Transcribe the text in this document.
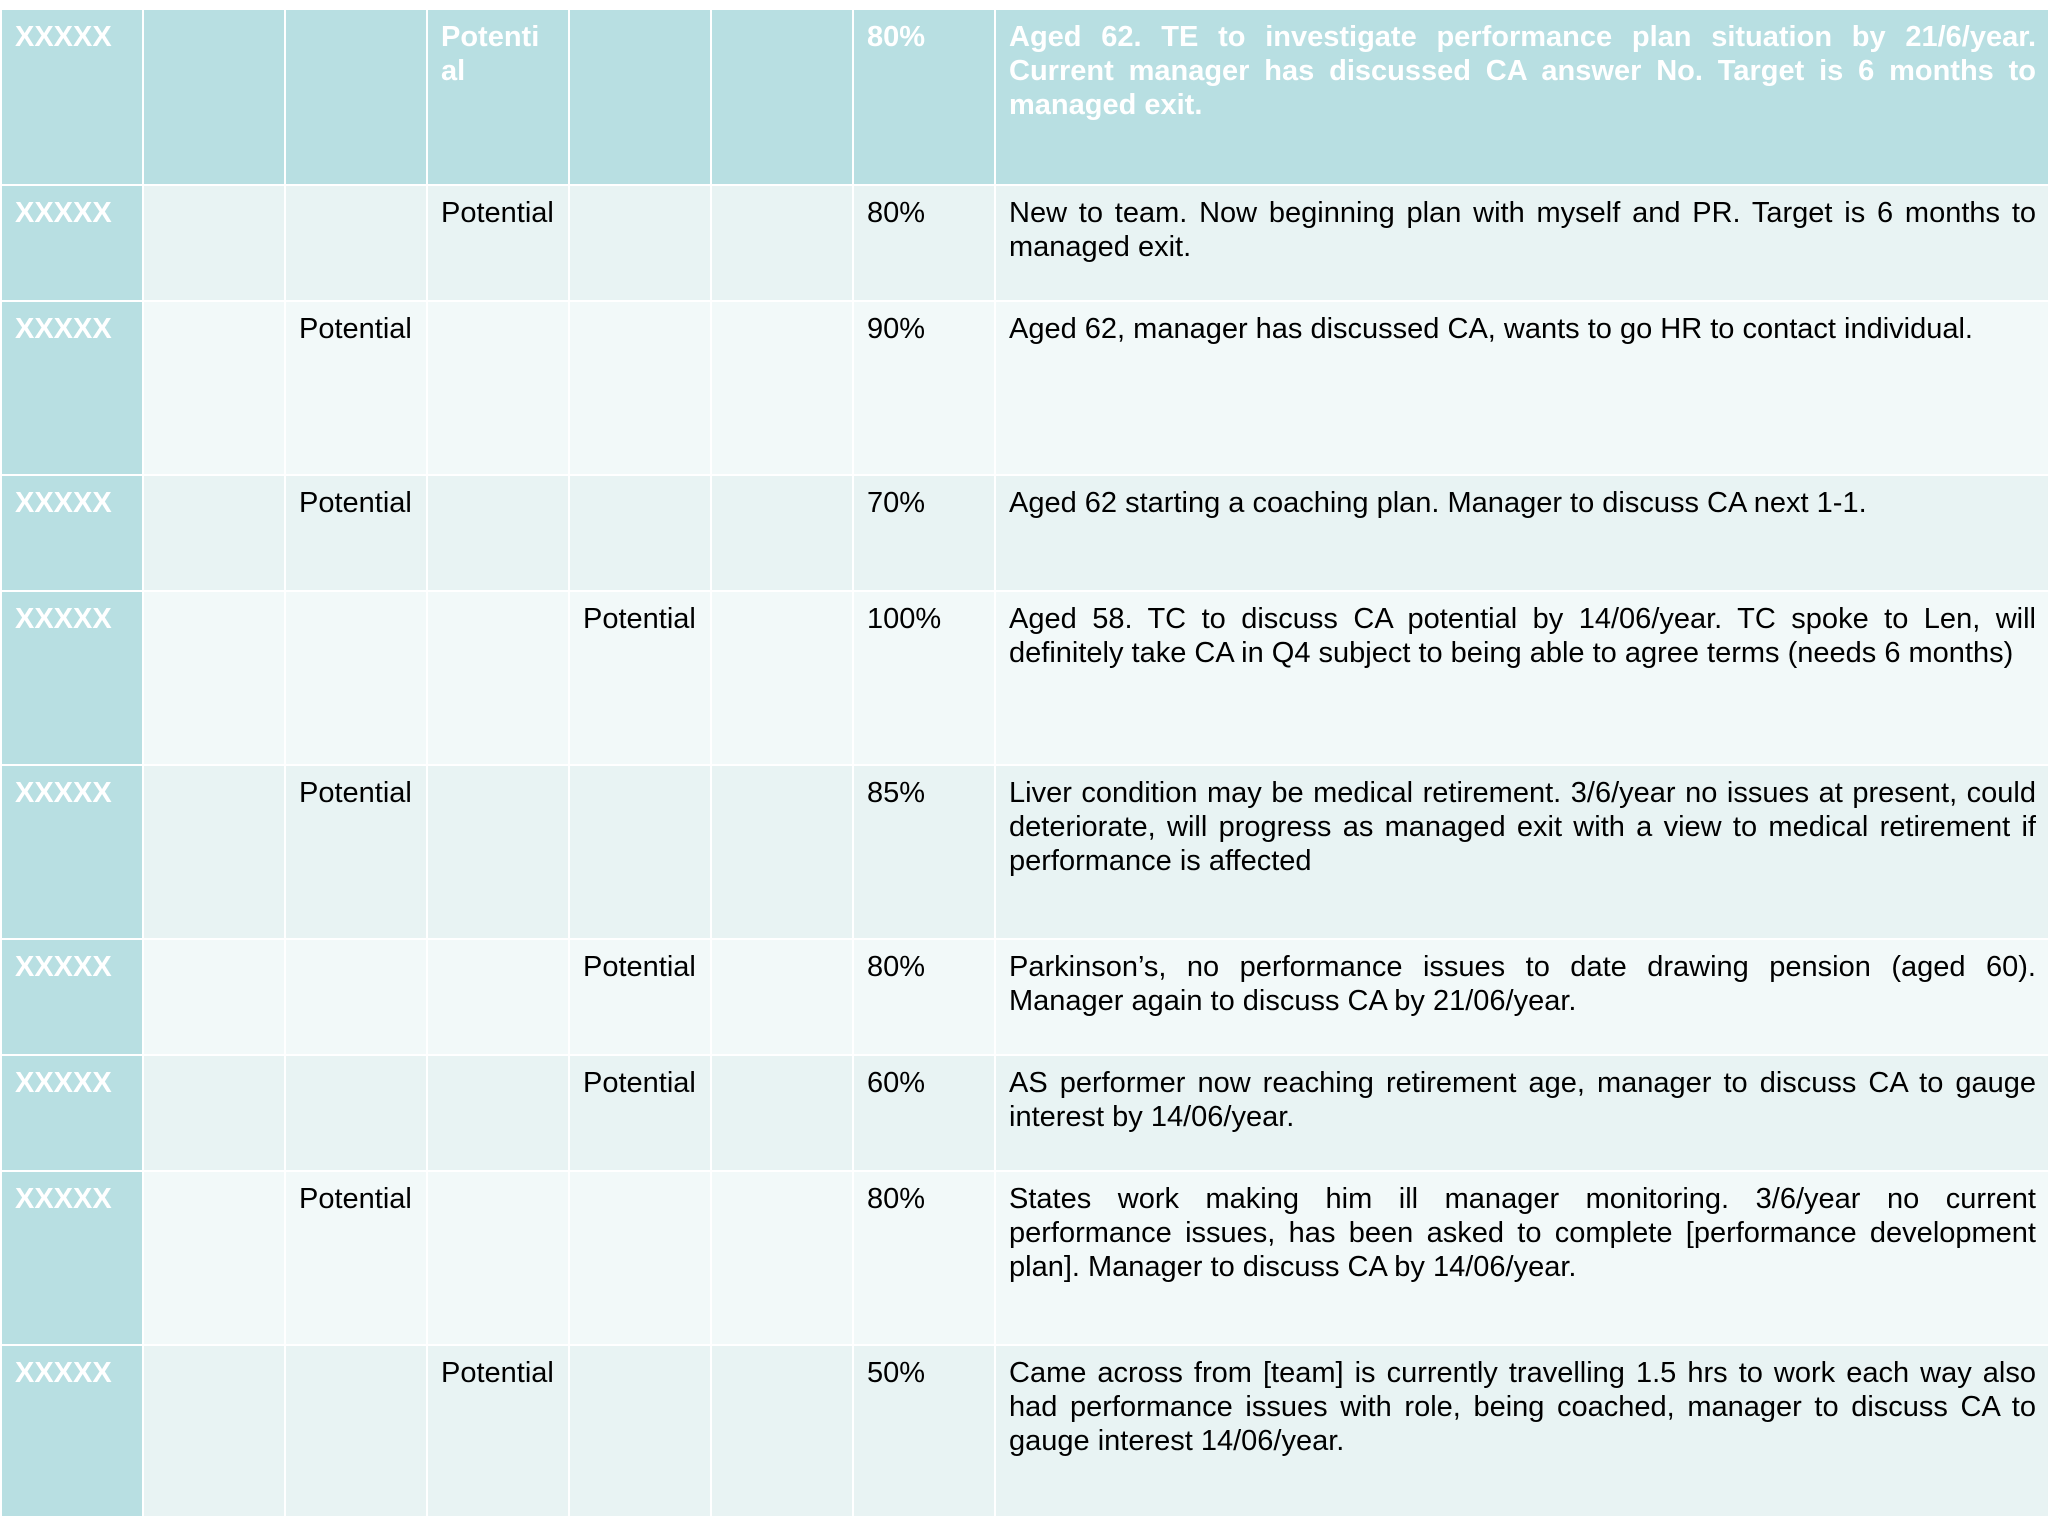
XXXXX			Potential			80%	Aged 62. TE to investigate performance plan situation by 21/6/year. Current manager has discussed CA answer No. Target is 6 months to managed exit.
XXXXX			Potential			80%	New to team. Now beginning plan with myself and PR. Target is 6 months to managed exit.
XXXXX		Potential				90%	Aged 62, manager has discussed CA, wants to go HR to contact individual.
XXXXX		Potential				70%	Aged 62 starting a coaching plan. Manager to discuss CA next 1-1.
XXXXX				Potential		100%	Aged 58. TC to discuss CA potential by 14/06/year. TC spoke to Len, will definitely take CA in Q4 subject to being able to agree terms (needs 6 months)
XXXXX		Potential				85%	Liver condition may be medical retirement. 3/6/year no issues at present, could deteriorate, will progress as managed exit with a view to medical retirement if performance is affected
XXXXX				Potential		80%	Parkinson’s, no performance issues to date drawing pension (aged 60). Manager again to discuss CA by 21/06/year.
XXXXX				Potential		60%	AS performer now reaching retirement age, manager to discuss CA to gauge interest by 14/06/year.
XXXXX		Potential				80%	States work making him ill manager monitoring. 3/6/year no current performance issues, has been asked to complete [performance development plan]. Manager to discuss CA by 14/06/year.
XXXXX			Potential			50%	Came across from [team] is currently travelling 1.5 hrs to work each way also had performance issues with role, being coached, manager to discuss CA to gauge interest 14/06/year.
